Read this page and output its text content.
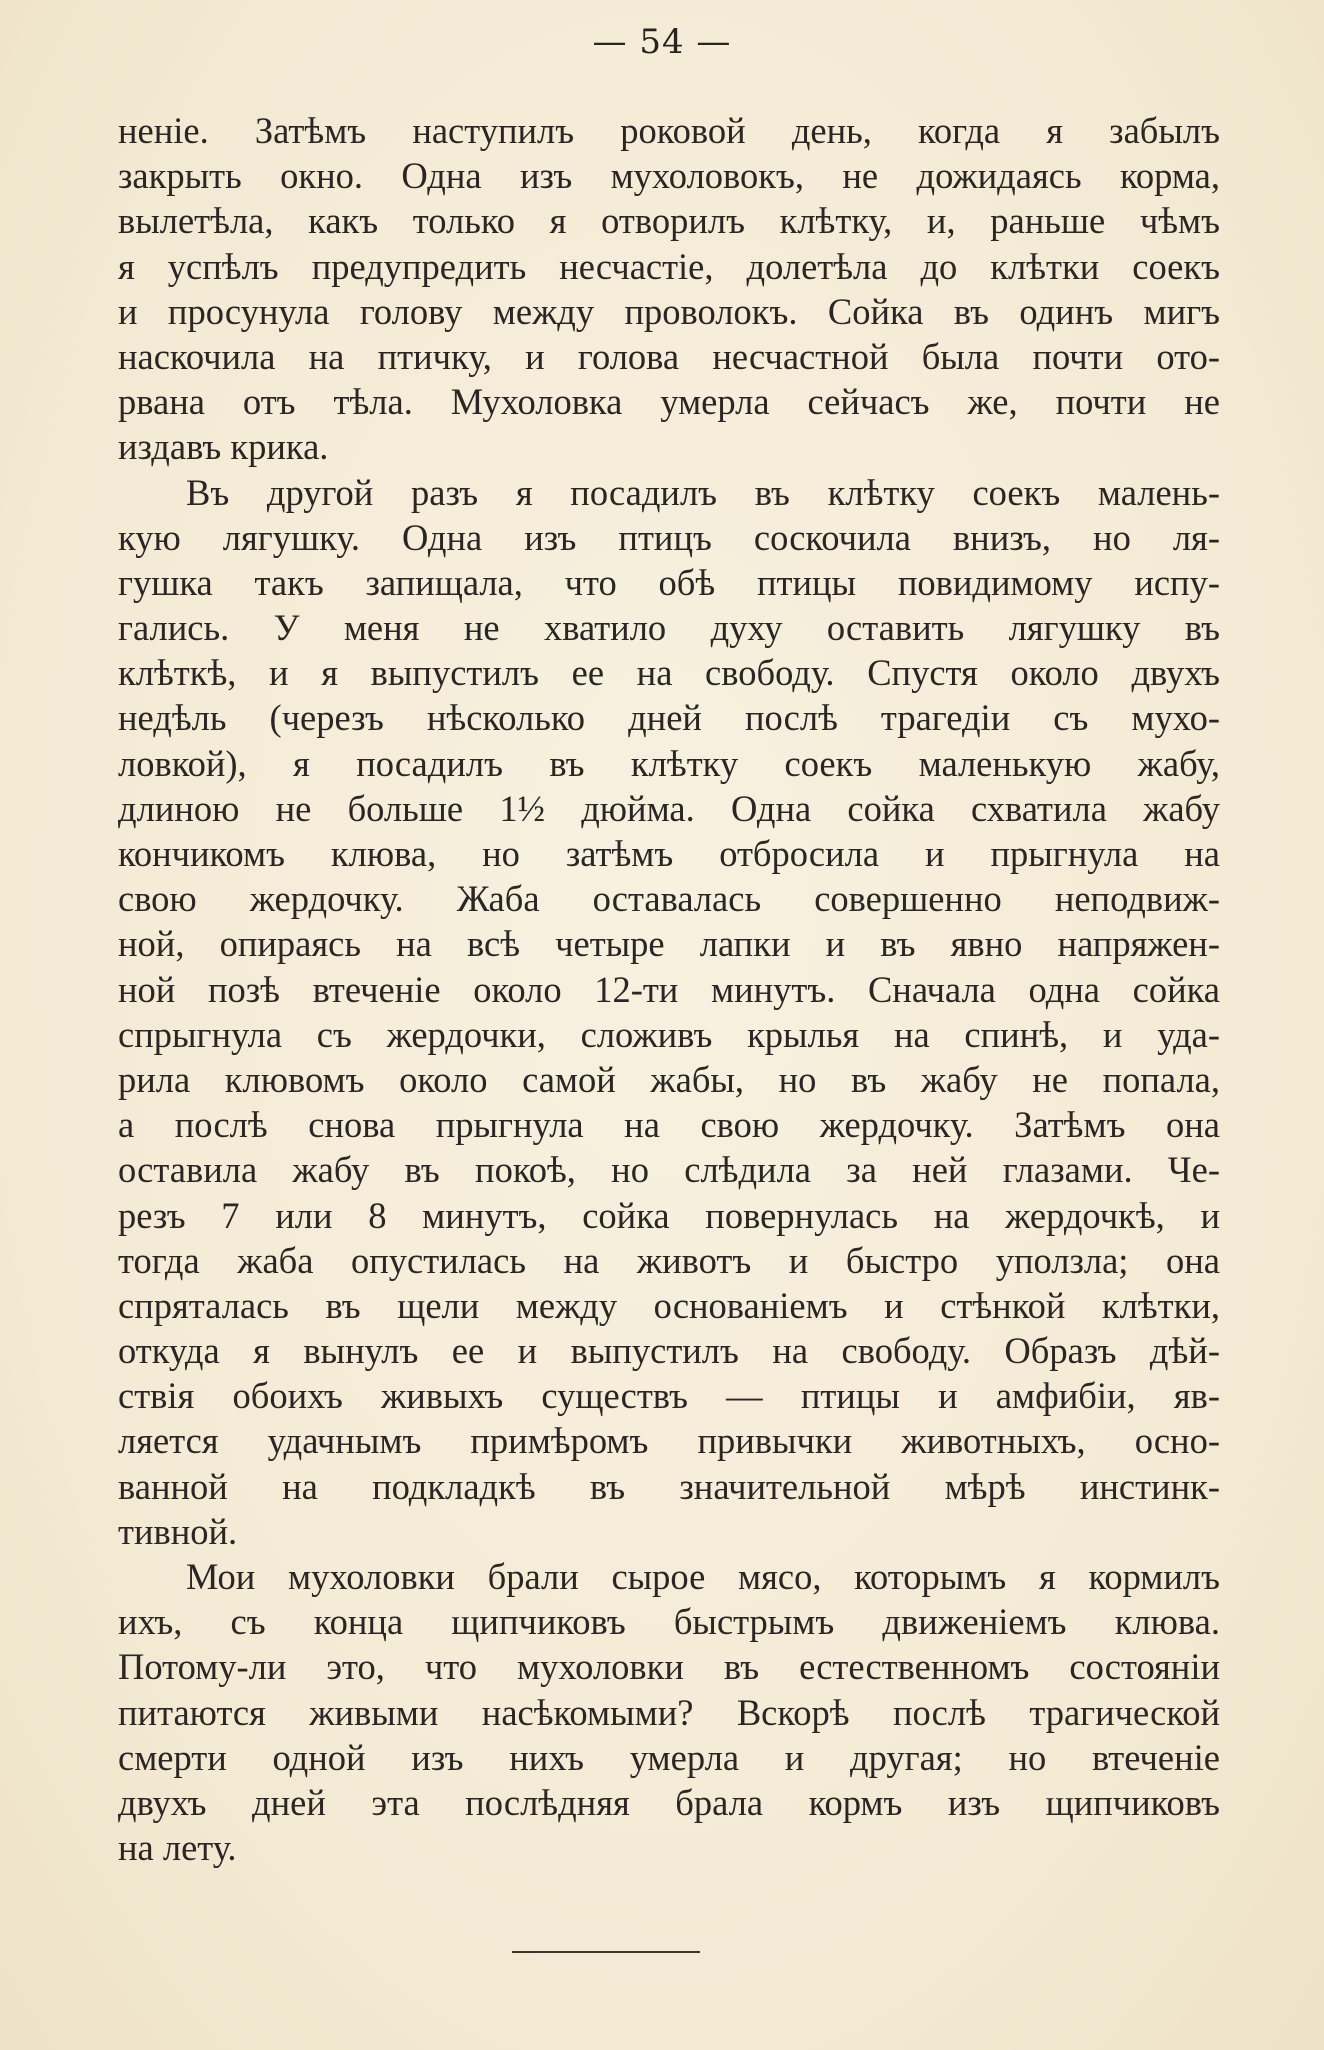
— 54 —
неніе. Затѣмъ наступилъ роковой день, когда я забылъ
закрыть окно. Одна изъ мухоловокъ, не дожидаясь корма,
вылетѣла, какъ только я отворилъ клѣтку, и, раньше чѣмъ
я успѣлъ предупредить несчастіе, долетѣла до клѣтки соекъ
и просунула голову между проволокъ. Сойка въ одинъ мигъ
наскочила на птичку, и голова несчастной была почти ото-
рвана отъ тѣла. Мухоловка умерла сейчасъ же, почти не
издавъ крика.
Въ другой разъ я посадилъ въ клѣтку соекъ малень-
кую лягушку. Одна изъ птицъ соскочила внизъ, но ля-
гушка такъ запищала, что обѣ птицы повидимому испу-
гались. У меня не хватило духу оставить лягушку въ
клѣткѣ, и я выпустилъ ее на свободу. Спустя около двухъ
недѣль (черезъ нѣсколько дней послѣ трагедіи съ мухо-
ловкой), я посадилъ въ клѣтку соекъ маленькую жабу,
длиною не больше 1½ дюйма. Одна сойка схватила жабу
кончикомъ клюва, но затѣмъ отбросила и прыгнула на
свою жердочку. Жаба оставалась совершенно неподвиж-
ной, опираясь на всѣ четыре лапки и въ явно напряжен-
ной позѣ втеченіе около 12-ти минутъ. Сначала одна сойка
спрыгнула съ жердочки, сложивъ крылья на спинѣ, и уда-
рила клювомъ около самой жабы, но въ жабу не попала,
а послѣ снова прыгнула на свою жердочку. Затѣмъ она
оставила жабу въ покоѣ, но слѣдила за ней глазами. Че-
резъ 7 или 8 минутъ, сойка повернулась на жердочкѣ, и
тогда жаба опустилась на животъ и быстро уползла; она
спряталась въ щели между основаніемъ и стѣнкой клѣтки,
откуда я вынулъ ее и выпустилъ на свободу. Образъ дѣй-
ствія обоихъ живыхъ существъ — птицы и амфибіи, яв-
ляется удачнымъ примѣромъ привычки животныхъ, осно-
ванной на подкладкѣ въ значительной мѣрѣ инстинк-
тивной.
Мои мухоловки брали сырое мясо, которымъ я кормилъ
ихъ, съ конца щипчиковъ быстрымъ движеніемъ клюва.
Потому-ли это, что мухоловки въ естественномъ состояніи
питаются живыми насѣкомыми? Вскорѣ послѣ трагической
смерти одной изъ нихъ умерла и другая; но втеченіе
двухъ дней эта послѣдняя брала кормъ изъ щипчиковъ
на лету.
